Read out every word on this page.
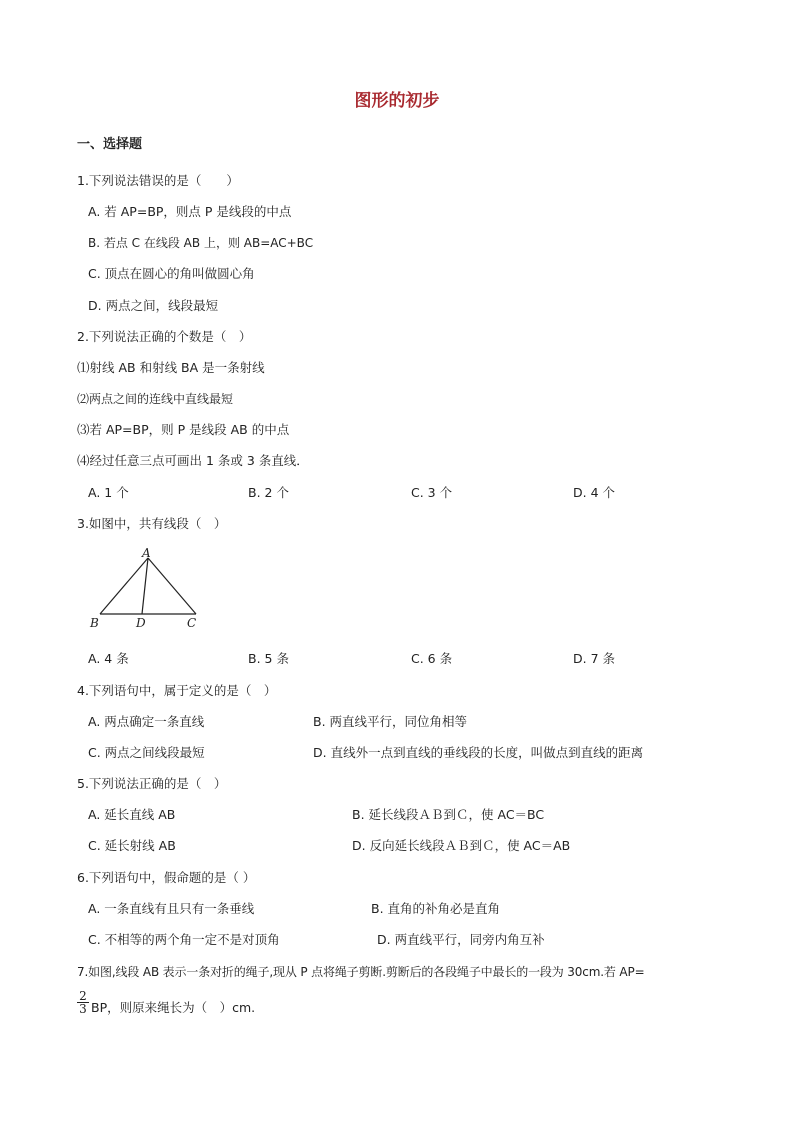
图形的初步
一、选择题
1.下列说法错误的是（　　）
A. 若 AP=BP，则点 P 是线段的中点
B. 若点 C 在线段 AB 上，则 AB=AC+BC
C. 顶点在圆心的角叫做圆心角
D. 两点之间，线段最短
2.下列说法正确的个数是（　）
⑴射线 AB 和射线 BA 是一条射线
⑵两点之间的连线中直线最短
⑶若 AP=BP，则 P 是线段 AB 的中点
⑷经过任意三点可画出 1 条或 3 条直线．
A. 1 个	B. 2 个	C. 3 个	D. 4 个
3.如图中，共有线段（　）
A
B	D	C
A. 4 条	B. 5 条	C. 6 条	D. 7 条
4.下列语句中，属于定义的是（　）
A. 两点确定一条直线	B. 两直线平行，同位角相等
C. 两点之间线段最短	D. 直线外一点到直线的垂线段的长度，叫做点到直线的距离
5.下列说法正确的是（　）
A. 延长直线 AB	B. 延长线段ＡＢ到Ｃ，使 AC＝BC
C. 延长射线 AB	D. 反向延长线段ＡＢ到Ｃ，使 AC＝AB
6.下列语句中，假命题的是（ ）
A. 一条直线有且只有一条垂线	B. 直角的补角必是直角
C. 不相等的两个角一定不是对顶角	D. 两直线平行，同旁内角互补
7.如图,线段 AB 表示一条对折的绳子,现从 P 点将绳子剪断.剪断后的各段绳子中最长的一段为 30cm.若 AP=
$\frac{2}{3}$ BP，则原来绳长为（　）cm.
